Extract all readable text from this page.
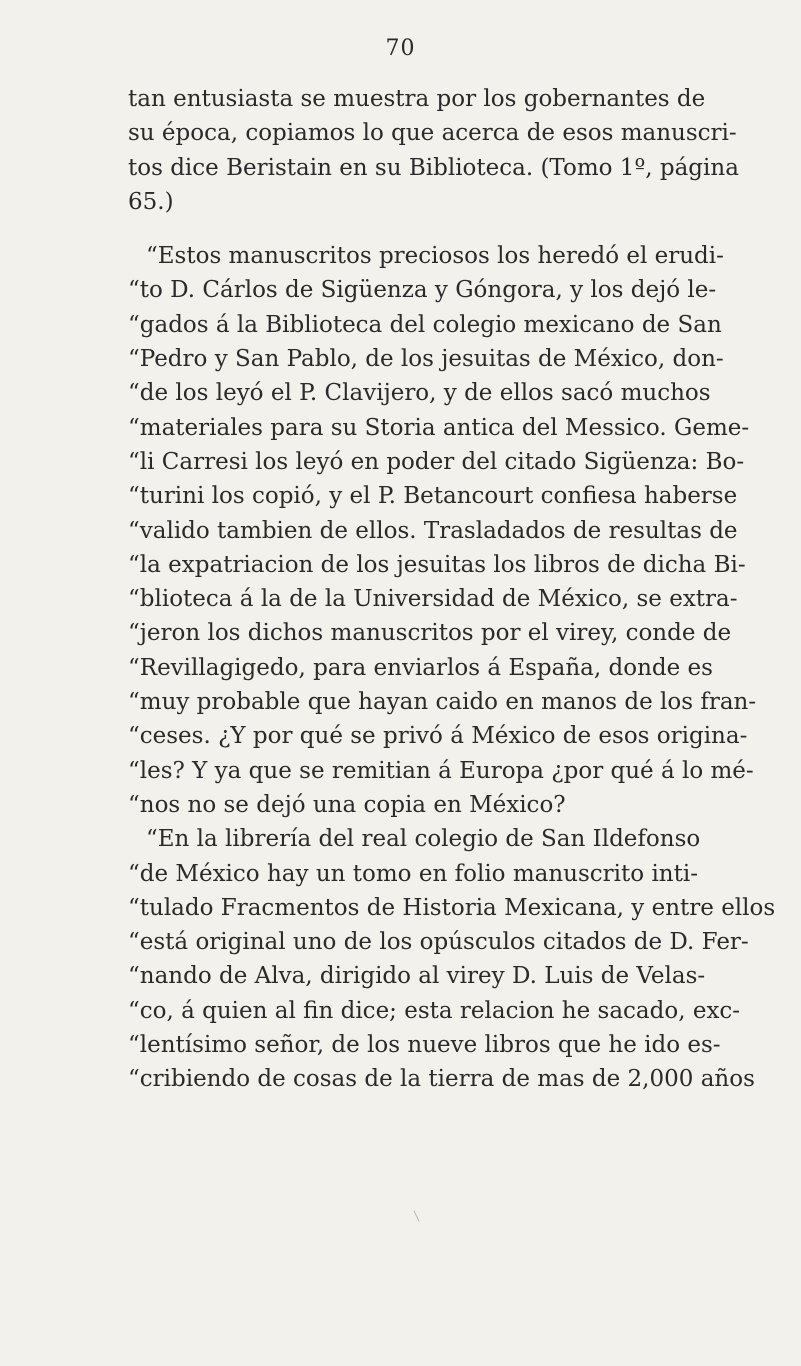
70
tan entusiasta se muestra por los gobernantes de
su época, copiamos lo que acerca de esos manuscri-
tos dice Beristain en su Biblioteca. (Tomo 1º, página
65.)
“Estos manuscritos preciosos los heredó el erudi-
“to D. Cárlos de Sigüenza y Góngora, y los dejó le-
“gados á la Biblioteca del colegio mexicano de San
“Pedro y San Pablo, de los jesuitas de México, don-
“de los leyó el P. Clavijero, y de ellos sacó muchos
“materiales para su Storia antica del Messico. Geme-
“li Carresi los leyó en poder del citado Sigüenza: Bo-
“turini los copió, y el P. Betancourt confiesa haberse
“valido tambien de ellos. Trasladados de resultas de
“la expatriacion de los jesuitas los libros de dicha Bi-
“blioteca á la de la Universidad de México, se extra-
“jeron los dichos manuscritos por el virey, conde de
“Revillagigedo, para enviarlos á España, donde es
“muy probable que hayan caido en manos de los fran-
“ceses. ¿Y por qué se privó á México de esos origina-
“les? Y ya que se remitian á Europa ¿por qué á lo mé-
“nos no se dejó una copia en México?
“En la librería del real colegio de San Ildefonso
“de México hay un tomo en folio manuscrito inti-
“tulado Fracmentos de Historia Mexicana, y entre ellos
“está original uno de los opúsculos citados de D. Fer-
“nando de Alva, dirigido al virey D. Luis de Velas-
“co, á quien al fin dice; esta relacion he sacado, exc-
“lentísimo señor, de los nueve libros que he ido es-
“cribiendo de cosas de la tierra de mas de 2,000 años
